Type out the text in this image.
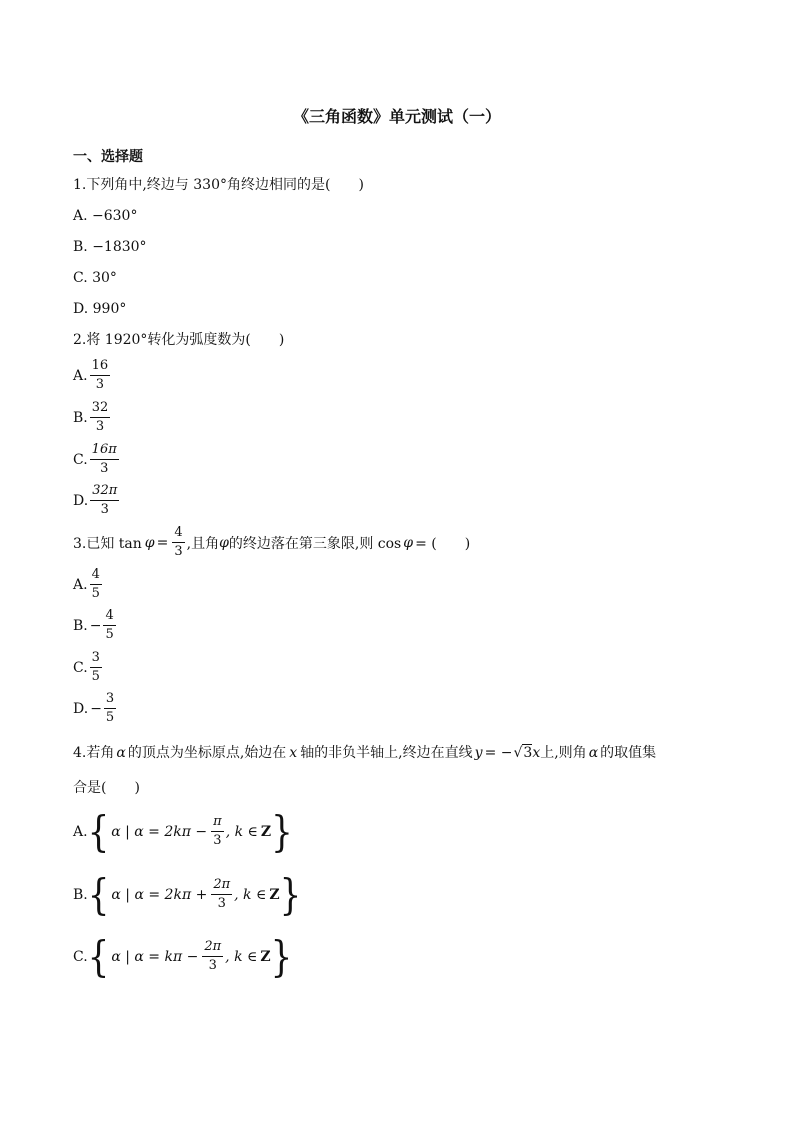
《三角函数》单元测试（一）
一、选择题
1.下列角中,终边与 330°角终边相同的是(　　)
A. −630°
B. −1830°
C. 30°
D. 990°
2.将 1920°转化为弧度数为(　　)
A. $\frac{16}{3}$
B. $\frac{32}{3}$
C. $\frac{16\pi}{3}$
D. $\frac{32\pi}{3}$
3.已知 $\tan \varphi = \frac{4}{3}$ ,且角 φ 的终边落在第三象限,则 cos φ = (　　)
A. $\frac{4}{5}$
B. − $\frac{4}{5}$
C. $\frac{3}{5}$
D. − $\frac{3}{5}$
4.若角 α 的顶点为坐标原点,始边在 x 轴的非负半轴上,终边在直线 y = −√3x上,则角 α 的取值集
合是(　　)
A. { α | $\alpha = 2k\pi - \frac{\pi}{3}$ , k ∈ Z }
B. { α | $\alpha = 2k\pi + \frac{2\pi}{3}$ , k ∈ Z }
C. { α | $\alpha = k\pi - \frac{2\pi}{3}$ , k ∈ Z }
